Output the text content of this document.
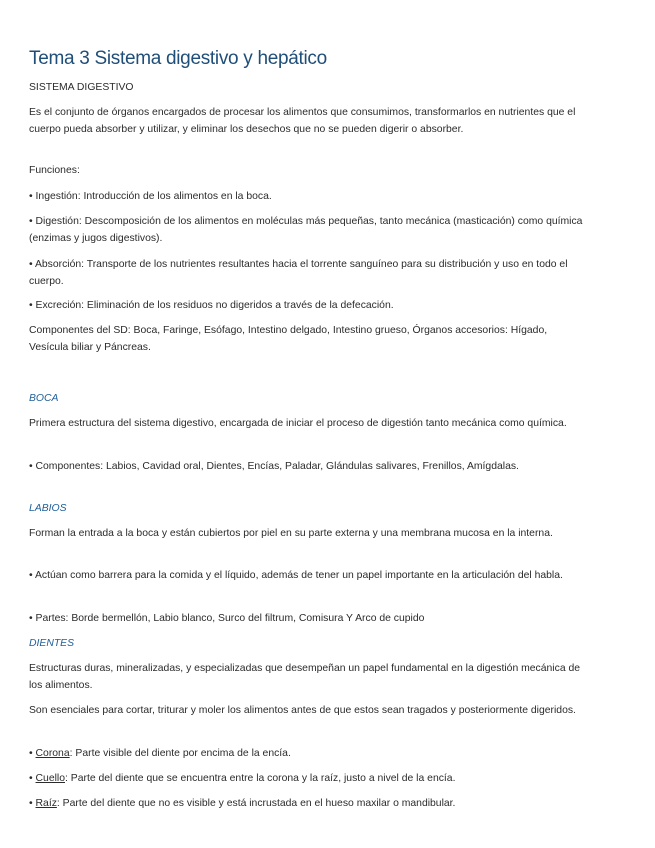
Tema 3 Sistema digestivo y hepático
SISTEMA DIGESTIVO
Es el conjunto de órganos encargados de procesar los alimentos que consumimos, transformarlos en nutrientes que el cuerpo pueda absorber y utilizar, y eliminar los desechos que no se pueden digerir o absorber.
Funciones:
• Ingestión: Introducción de los alimentos en la boca.
• Digestión: Descomposición de los alimentos en moléculas más pequeñas, tanto mecánica (masticación) como química (enzimas y jugos digestivos).
• Absorción: Transporte de los nutrientes resultantes hacia el torrente sanguíneo para su distribución y uso en todo el cuerpo.
• Excreción: Eliminación de los residuos no digeridos a través de la defecación.
Componentes del SD: Boca, Faringe, Esófago, Intestino delgado, Intestino grueso, Órganos accesorios: Hígado, Vesícula biliar y Páncreas.
BOCA
Primera estructura del sistema digestivo, encargada de iniciar el proceso de digestión tanto mecánica como química.
• Componentes: Labios, Cavidad oral, Dientes, Encías, Paladar, Glándulas salivares, Frenillos, Amígdalas.
LABIOS
Forman la entrada a la boca y están cubiertos por piel en su parte externa y una membrana mucosa en la interna.
• Actúan como barrera para la comida y el líquido, además de tener un papel importante en la articulación del habla.
• Partes: Borde bermellón, Labio blanco, Surco del filtrum, Comisura Y Arco de cupido
DIENTES
Estructuras duras, mineralizadas, y especializadas que desempeñan un papel fundamental en la digestión mecánica de los alimentos.
Son esenciales para cortar, triturar y moler los alimentos antes de que estos sean tragados y posteriormente digeridos.
• Corona: Parte visible del diente por encima de la encía.
• Cuello: Parte del diente que se encuentra entre la corona y la raíz, justo a nivel de la encía.
• Raíz: Parte del diente que no es visible y está incrustada en el hueso maxilar o mandibular.
